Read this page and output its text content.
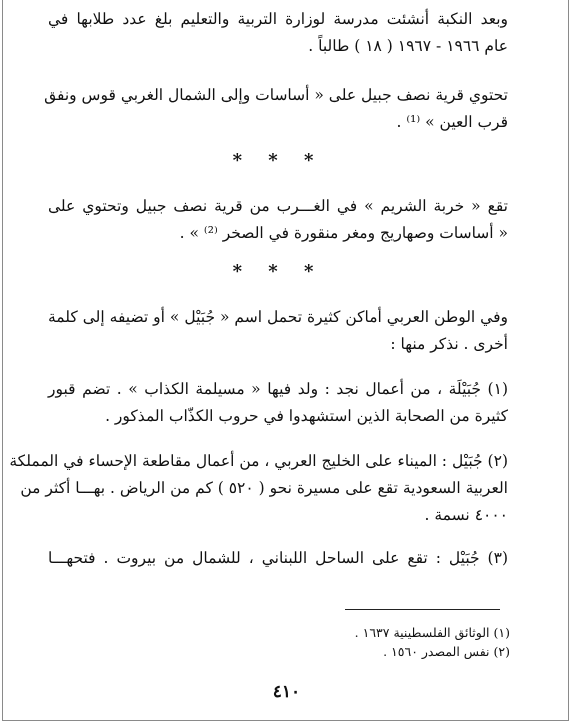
وبعد النكبة أنشئت مدرسة لوزارة التربية والتعليم بلغ عدد طلابها في
عام ١٩٦٦ - ١٩٦٧ ( ١٨ ) طالباً .
تحتوي قرية نصف جبيل على « أساسات وإلى الشمال الغربي قوس ونفق
قرب العين » ⁽¹⁾ .
* * *
تقع « خربة الشريم » في الغـــرب من قرية نصف جبيل وتحتوي على
« أساسات وصهاريج ومغر منقورة في الصخر ⁽²⁾ » .
* * *
وفي الوطن العربي أماكن كثيرة تحمل اسم « جُبَيْل » أو تضيفه إلى كلمة
أخرى . نذكر منها :
(١) جُبَيْلَة ، من أعمال نجد : ولد فيها « مسيلمة الكذاب » . تضم قبور
كثيرة من الصحابة الذين استشهدوا في حروب الكذّاب المذكور .
(٢) جُبَيْل : الميناء على الخليج العربي ، من أعمال مقاطعة الإحساء في المملكة
العربية السعودية تقع على مسيرة نحو ( ٥٢٠ ) كم من الرياض . بهـــا أكثر من
٤٠٠٠ نسمة .
(٣) جُبَيْل : تقع على الساحل اللبناني ، للشمال من بيروت . فتحهـــا
(١) الوثائق الفلسطينية ١٦٣٧ .
(٢) نفس المصدر ١٥٦٠ .
٤١٠
